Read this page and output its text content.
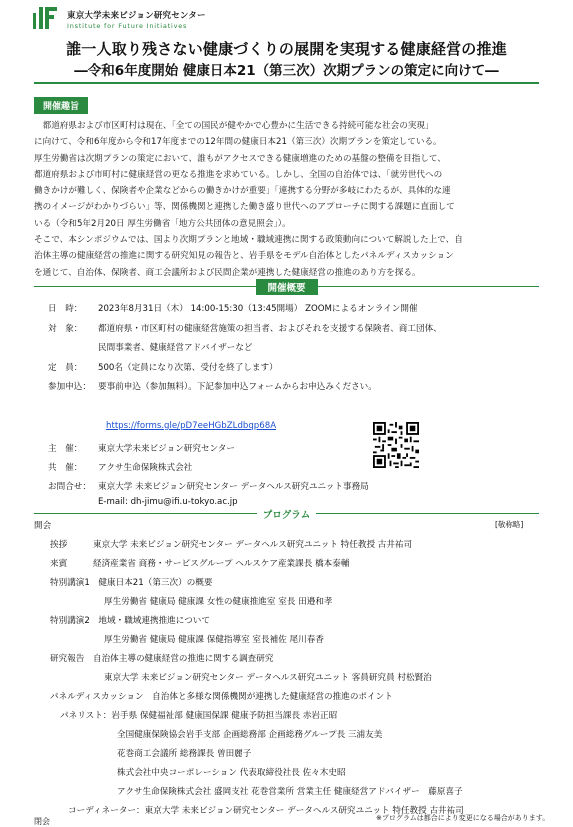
東京大学未来ビジョン研究センター
Institute for Future Initiatives
誰一人取り残さない健康づくりの展開を実現する健康経営の推進
―令和6年度開始 健康日本21（第三次）次期プランの策定に向けて―
開催趣旨
　都道府県および市区町村は現在、「全ての国民が健やかで心豊かに生活できる持続可能な社会の実現」
に向けて、令和6年度から令和17年度までの12年間の健康日本21（第三次）次期プランを策定している。
厚生労働省は次期プランの策定において、誰もがアクセスできる健康増進のための基盤の整備を目指して、
都道府県および市町村に健康経営の更なる推進を求めている。しかし、全国の自治体では、「就労世代への
働きかけが難しく、保険者や企業などからの働きかけが重要」「連携する分野が多岐にわたるが、具体的な連
携のイメージがわかりづらい」等、関係機関と連携した働き盛り世代へのアプローチに関する課題に直面して
いる（令和5年2月20日 厚生労働省「地方公共団体の意見照会」）。
そこで、本シンポジウムでは、国より次期プランと地域・職域連携に関する政策動向について解説した上で、自
治体主導の健康経営の推進に関する研究知見の報告と、岩手県をモデル自治体としたパネルディスカッション
を通じて、自治体、保険者、商工会議所および民間企業が連携した健康経営の推進のあり方を探る。
開催概要
日　時：	2023年8月31日（木） 14:00-15:30（13:45開場） ZOOMによるオンライン開催
対　象：	都道府県・市区町村の健康経営施策の担当者、およびそれを支援する保険者、商工団体、
民間事業者、健康経営アドバイザーなど
定　員：	500名（定員になり次第、受付を終了します）
参加申込： 要事前申込（参加無料）。下記参加申込フォームからお申込みください。
https://forms.gle/pD7eeHGbZLdbqp68A
主　催：	東京大学未来ビジョン研究センター
共　催：	アクサ生命保険株式会社
お問合せ： 東京大学 未来ビジョン研究センター データヘルス研究ユニット事務局
E-mail: dh-jimu@ifi.u-tokyo.ac.jp
プログラム
開会	[敬称略]
挨拶　　　東京大学 未来ビジョン研究センター データヘルス研究ユニット 特任教授 古井祐司
来賓　　　経済産業省 商務・サービスグループ ヘルスケア産業課長 橋本泰輔
特別講演1　健康日本21（第三次）の概要
厚生労働省 健康局 健康課 女性の健康推進室 室長 田邉和孝
特別講演2　地域・職域連携推進について
厚生労働省 健康局 健康課 保健指導室 室長補佐 尾川春香
研究報告　自治体主導の健康経営の推進に関する調査研究
東京大学 未来ビジョン研究センター データヘルス研究ユニット 客員研究員 村松賢治
パネルディスカッション　自治体と多様な関係機関が連携した健康経営の推進のポイント
パネリスト：岩手県 保健福祉部 健康国保課 健康予防担当課長 赤岩正昭
全国健康保険協会岩手支部 企画総務部 企画総務グループ長 三浦友美
花巻商工会議所 総務課長 曽田麗子
株式会社中央コーポレーション 代表取締役社長 佐々木史昭
アクサ生命保険株式会社 盛岡支社 花巻営業所 営業主任 健康経営アドバイザー　藤原喜子
コーディネーター：東京大学 未来ビジョン研究センター データヘルス研究ユニット 特任教授 古井祐司
閉会	※プログラムは都合により変更になる場合があります。
